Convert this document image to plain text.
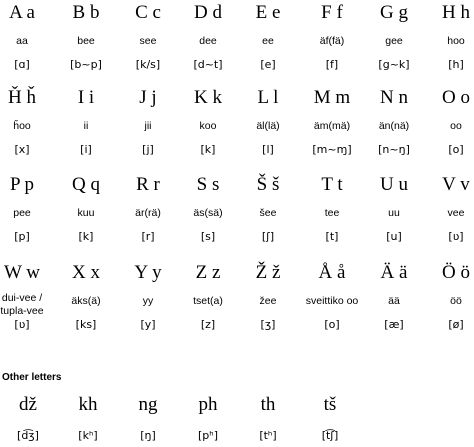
A a
aa
[ɑ]
B b
bee
[b~p]
C c
see
[k/s]
D d
dee
[d~t]
E e
ee
[e]
F f
äf(fä)
[f]
G g
gee
[g~k]
H h
hoo
[h]
Ȟ ȟ
ȟoo
[x]
I i
ii
[i]
J j
jii
[j]
K k
koo
[k]
L l
äl(lä)
[l]
M m
äm(mä)
[m~ɱ]
N n
än(nä)
[n~ŋ]
O o
oo
[o]
P p
pee
[p]
Q q
kuu
[k]
R r
är(rä)
[r]
S s
äs(sä)
[s]
Š š
šee
[ʃ]
T t
tee
[t]
U u
uu
[u]
V v
vee
[ʋ]
W w
dui-vee / tupla-vee
[ʋ]
X x
äks(ä)
[ks]
Y y
yy
[y]
Z z
tset(a)
[z]
Ž ž
žee
[ʒ]
Å å
sveittiko oo
[o]
Ä ä
ää
[æ]
Ö ö
öö
[ø]
Other letters
dž
[d͡ʒ]
kh
[kʰ]
ng
[ŋ]
ph
[pʰ]
th
[tʰ]
tš
[t͡ʃ]
